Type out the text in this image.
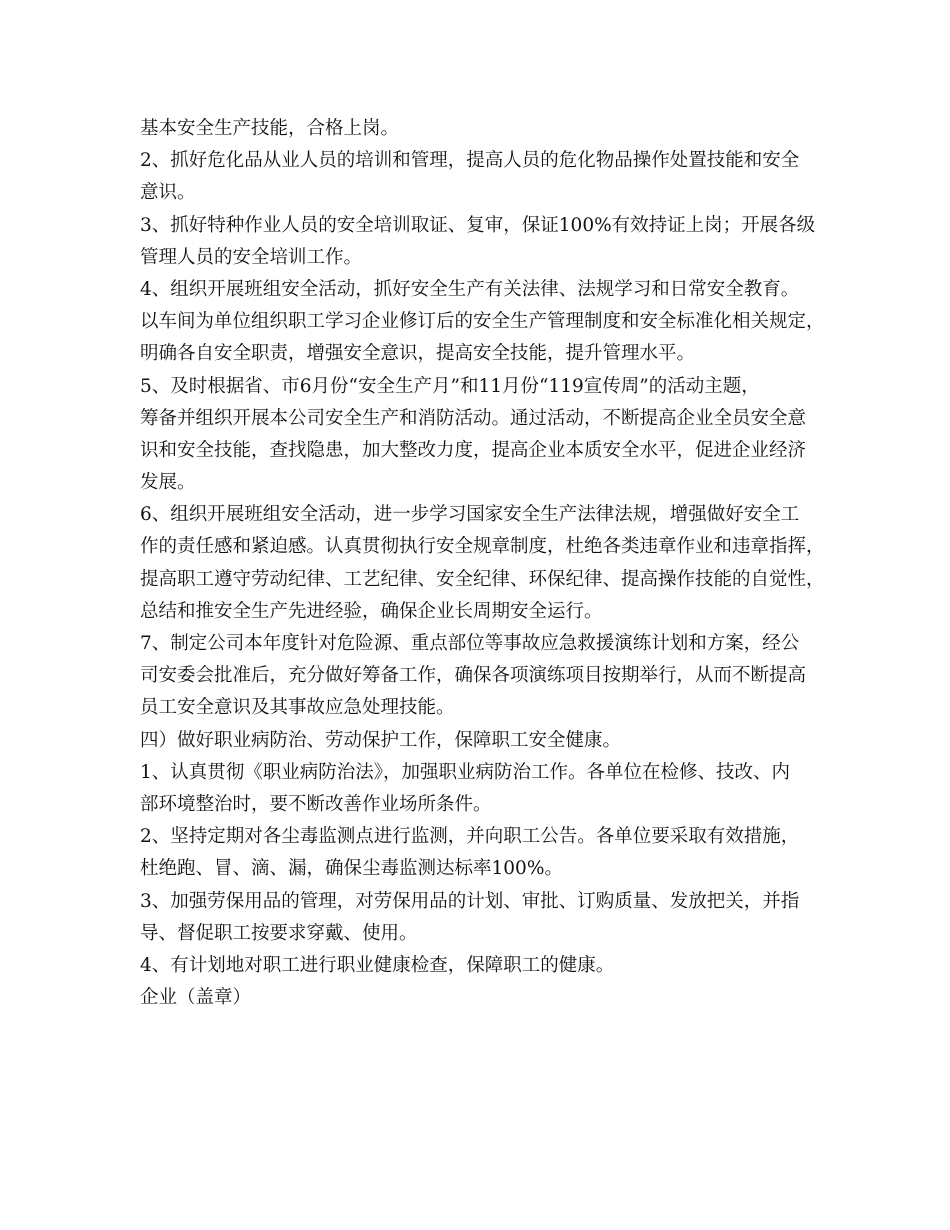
基本安全生产技能，合格上岗。

2、抓好危化品从业人员的培训和管理，提高人员的危化物品操作处置技能和安全

意识。

3、抓好特种作业人员的安全培训取证、复审，保证100%有效持证上岗；开展各级

管理人员的安全培训工作。

4、组织开展班组安全活动，抓好安全生产有关法律、法规学习和日常安全教育。

以车间为单位组织职工学习企业修订后的安全生产管理制度和安全标准化相关规定，

明确各自安全职责，增强安全意识，提高安全技能，提升管理水平。

5、及时根据省、市6月份“安全生产月”和11月份“119宣传周”的活动主题，

筹备并组织开展本公司安全生产和消防活动。通过活动，不断提高企业全员安全意

识和安全技能，查找隐患，加大整改力度，提高企业本质安全水平，促进企业经济

发展。

6、组织开展班组安全活动，进一步学习国家安全生产法律法规，增强做好安全工

作的责任感和紧迫感。认真贯彻执行安全规章制度，杜绝各类违章作业和违章指挥，

提高职工遵守劳动纪律、工艺纪律、安全纪律、环保纪律、提高操作技能的自觉性，

总结和推安全生产先进经验，确保企业长周期安全运行。

7、制定公司本年度针对危险源、重点部位等事故应急救援演练计划和方案，经公

司安委会批准后，充分做好筹备工作，确保各项演练项目按期举行，从而不断提高

员工安全意识及其事故应急处理技能。

四）做好职业病防治、劳动保护工作，保障职工安全健康。

1、认真贯彻《职业病防治法》，加强职业病防治工作。各单位在检修、技改、内

部环境整治时，要不断改善作业场所条件。

2、坚持定期对各尘毒监测点进行监测，并向职工公告。各单位要采取有效措施，

杜绝跑、冒、滴、漏，确保尘毒监测达标率100%。

3、加强劳保用品的管理，对劳保用品的计划、审批、订购质量、发放把关，并指

导、督促职工按要求穿戴、使用。

4、有计划地对职工进行职业健康检查，保障职工的健康。

企业（盖章）
